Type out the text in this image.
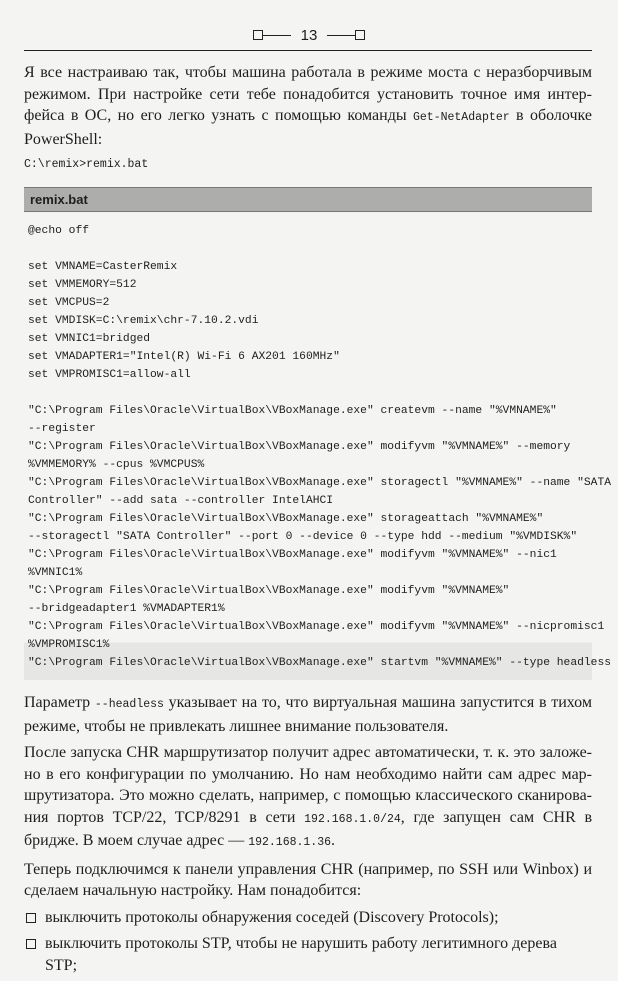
13

Я все настраиваю так, чтобы машина работала в режиме моста с неразборчивым режимом. При настройке сети тебе понадобится установить точное имя интерфейса в ОС, но его легко узнать с помощью команды Get-NetAdapter в оболочке PowerShell:

C:\remix>remix.bat
remix.bat
@echo off
set VMNAME=CasterRemix
set VMMEMORY=512
set VMCPUS=2
set VMDISK=C:\remix\chr-7.10.2.vdi
set VMNIC1=bridged
set VMADAPTER1="Intel(R) Wi-Fi 6 AX201 160MHz"
set VMPROMISC1=allow-all
"C:\Program Files\Oracle\VirtualBox\VBoxManage.exe" createvm --name "%VMNAME%"
--register
"C:\Program Files\Oracle\VirtualBox\VBoxManage.exe" modifyvm "%VMNAME%" --memory
%VMMEMORY% --cpus %VMCPUS%
"C:\Program Files\Oracle\VirtualBox\VBoxManage.exe" storagectl "%VMNAME%" --name "SATA
Controller" --add sata --controller IntelAHCI
"C:\Program Files\Oracle\VirtualBox\VBoxManage.exe" storageattach "%VMNAME%"
--storagectl "SATA Controller" --port 0 --device 0 --type hdd --medium "%VMDISK%"
"C:\Program Files\Oracle\VirtualBox\VBoxManage.exe" modifyvm "%VMNAME%" --nic1
%VMNIC1%
"C:\Program Files\Oracle\VirtualBox\VBoxManage.exe" modifyvm "%VMNAME%"
--bridgeadapter1 %VMADAPTER1%
"C:\Program Files\Oracle\VirtualBox\VBoxManage.exe" modifyvm "%VMNAME%" --nicpromisc1
%VMPROMISC1%
"C:\Program Files\Oracle\VirtualBox\VBoxManage.exe" startvm "%VMNAME%" --type headless

Параметр --headless указывает на то, что виртуальная машина запустится в тихом режиме, чтобы не привлекать лишнее внимание пользователя.

После запуска CHR маршрутизатор получит адрес автоматически, т. к. это заложено в его конфигурации по умолчанию. Но нам необходимо найти сам адрес маршрутизатора. Это можно сделать, например, с помощью классического сканирования портов TCP/22, TCP/8291 в сети 192.168.1.0/24, где запущен сам CHR в бридже. В моем случае адрес — 192.168.1.36.

Теперь подключимся к панели управления CHR (например, по SSH или Winbox) и сделаем начальную настройку. Нам понадобится:

выключить протоколы обнаружения соседей (Discovery Protocols);
выключить протоколы STP, чтобы не нарушить работу легитимного дерева STP;
